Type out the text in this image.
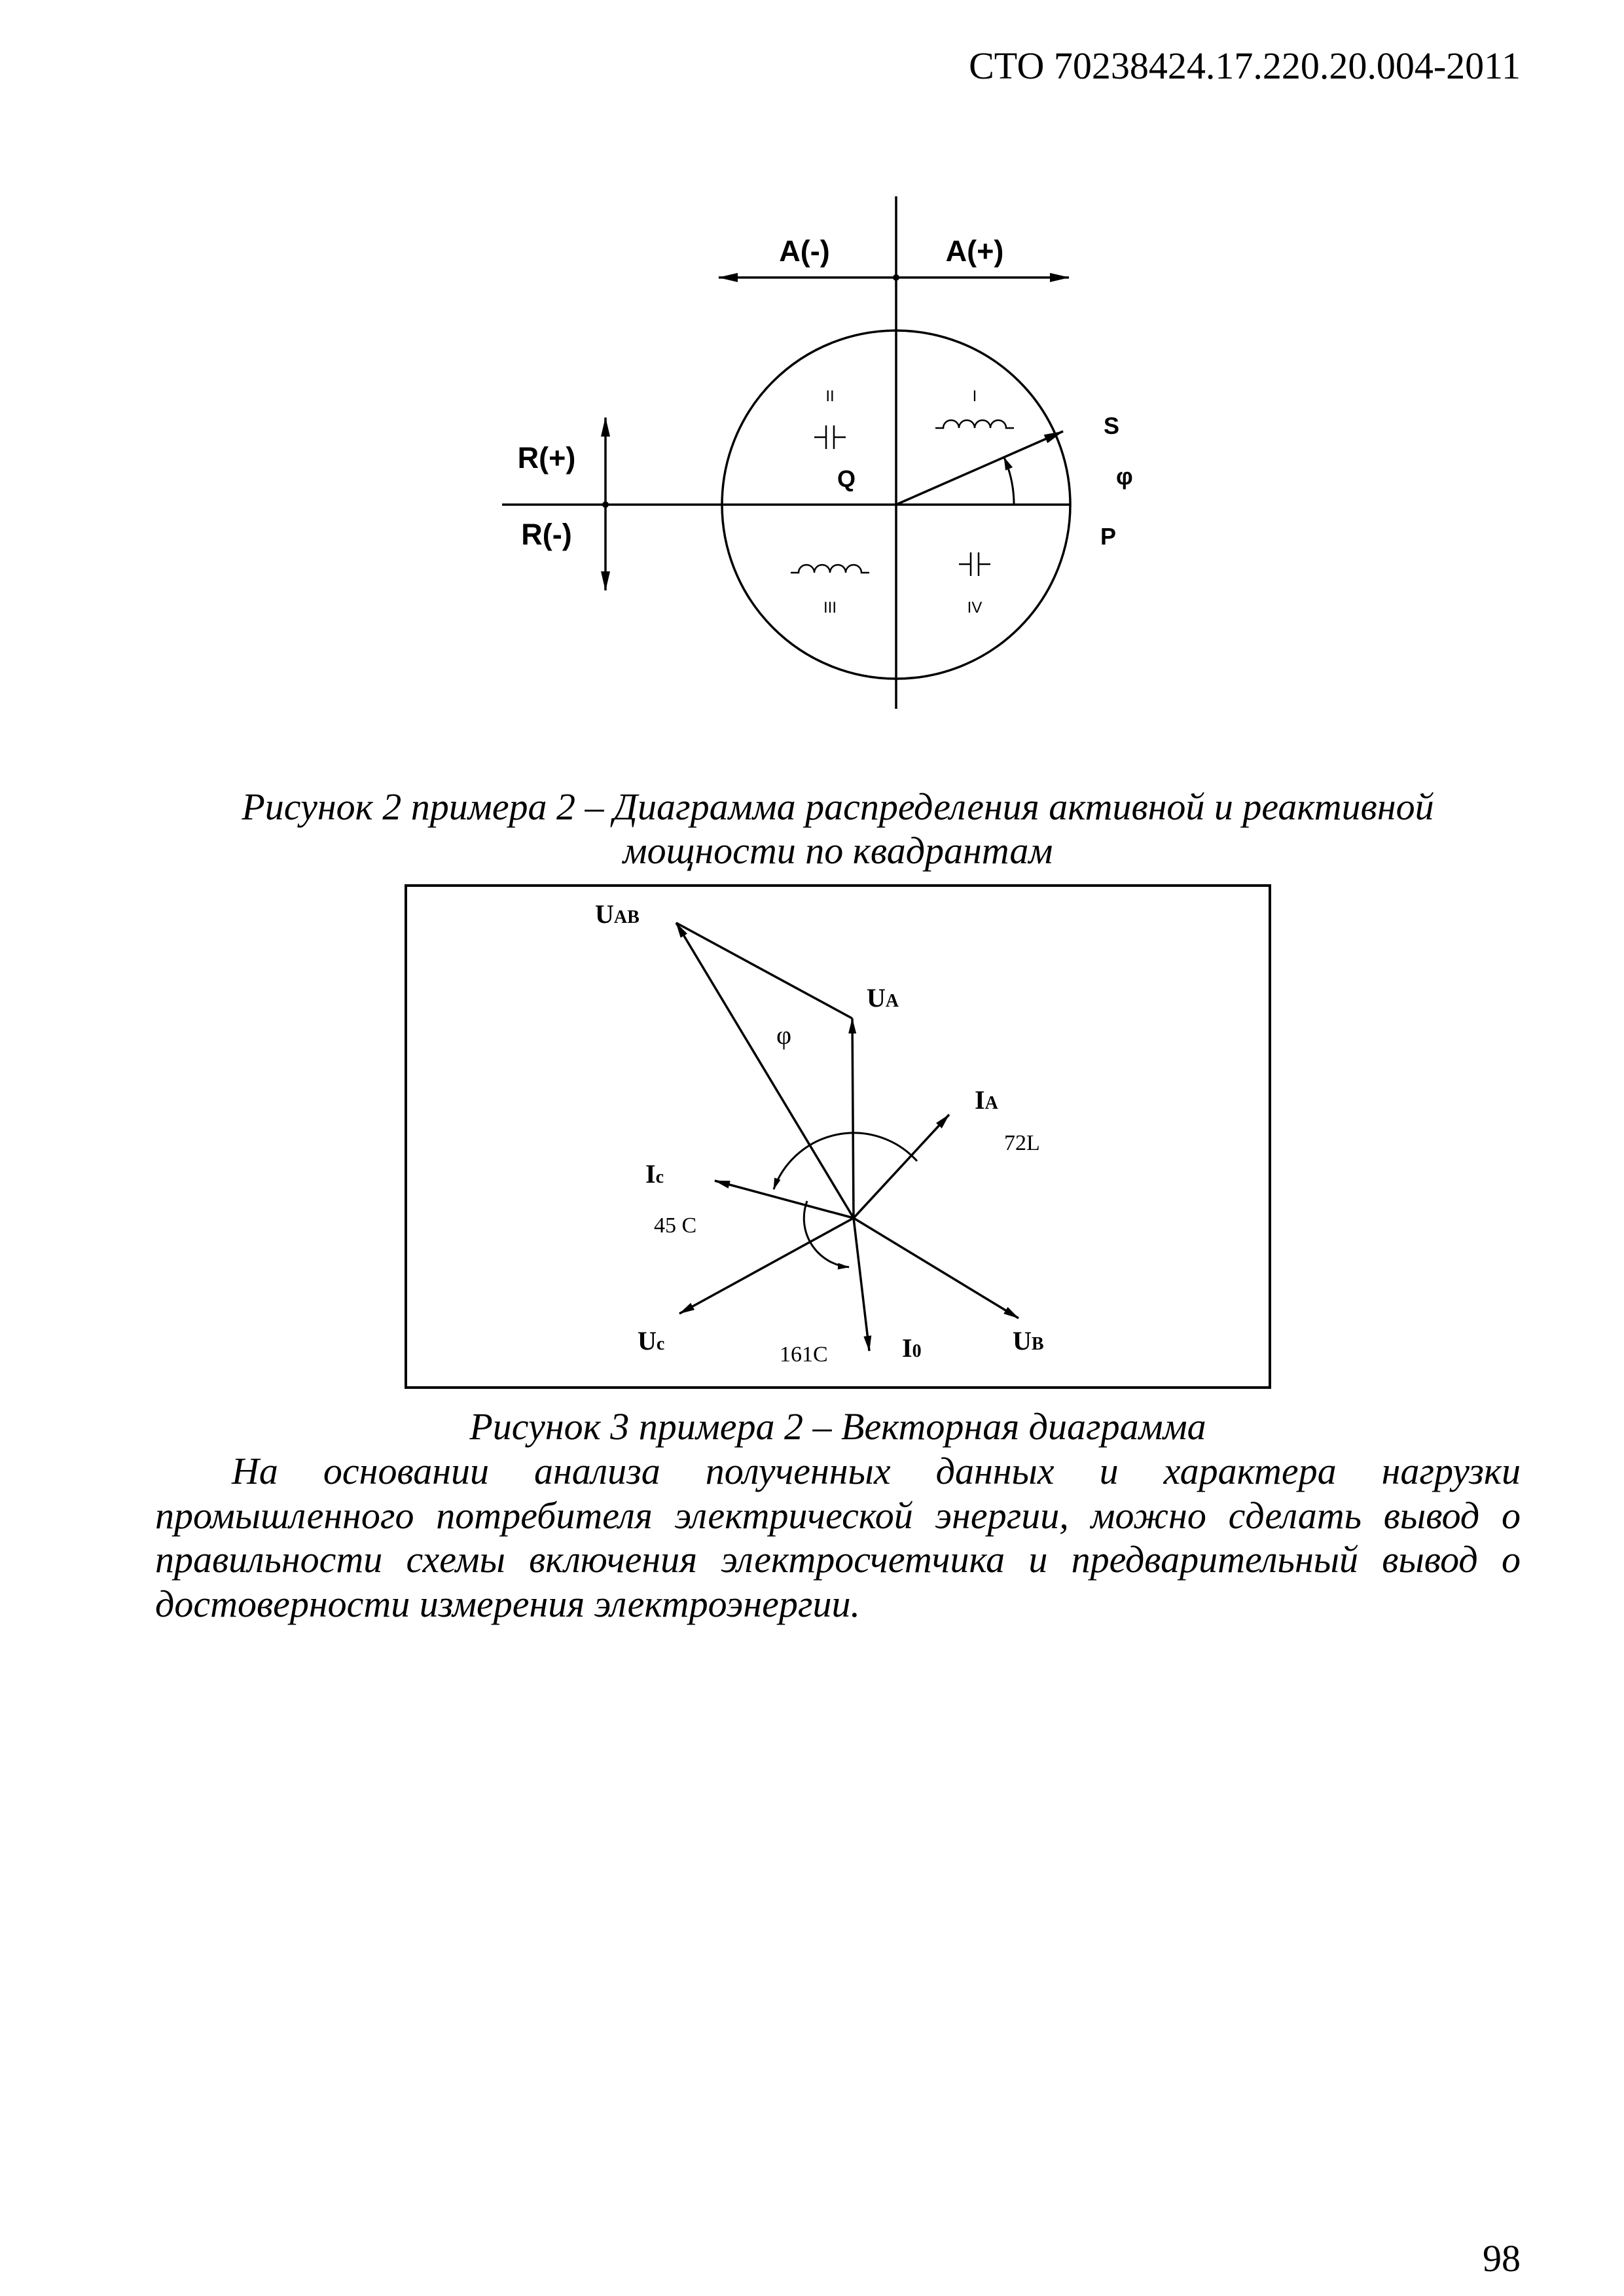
СТО 70238424.17.220.20.004-2011
A(-)	A(+)
R(+)
R(-)
S
φ
P
Q
I
II
III	IV
Рисунок 2 примера 2 – Диаграмма распределения активной и реактивной
мощности по квадрантам
UAB
UA
IA
Ic
Uc	I0	UB
φ
72L
45 C
161C
Рисунок 3 примера 2 – Векторная диаграмма
На основании анализа полученных данных и характера нагрузки
промышленного потребителя электрической энергии, можно сделать вывод о
правильности схемы включения электросчетчика и предварительный вывод о
достоверности измерения электроэнергии.
98
